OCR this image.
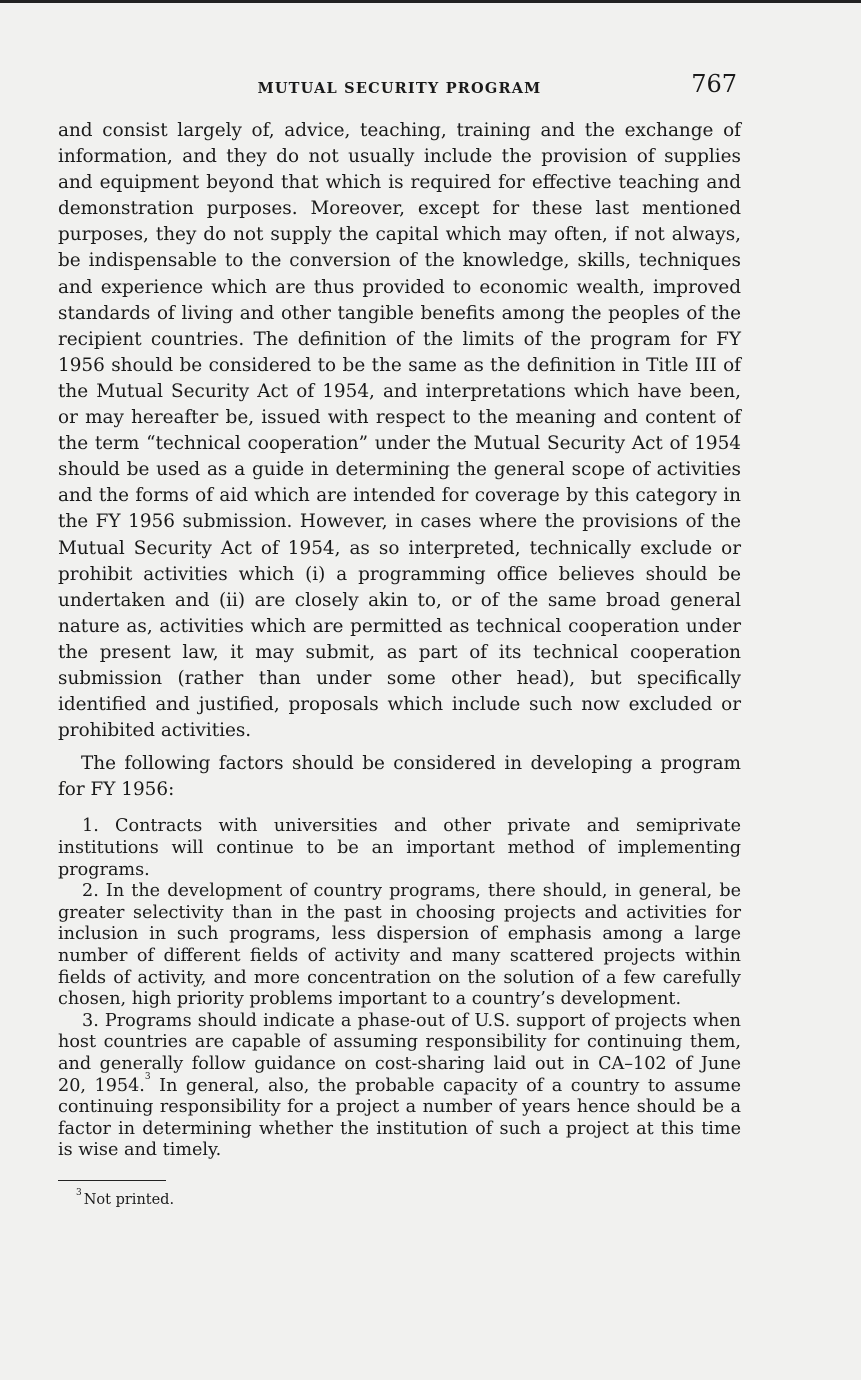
MUTUAL SECURITY PROGRAM	767

and consist largely of, advice, teaching, training and the exchange of information, and they do not usually include the provision of supplies and equipment beyond that which is required for effective teaching and demonstration purposes. Moreover, except for these last mentioned purposes, they do not supply the capital which may often, if not always, be indispensable to the conversion of the knowledge, skills, techniques and experience which are thus provided to economic wealth, improved standards of living and other tangible benefits among the peoples of the recipient countries. The definition of the limits of the program for FY 1956 should be considered to be the same as the definition in Title III of the Mutual Security Act of 1954, and interpretations which have been, or may hereafter be, issued with respect to the meaning and content of the term “technical cooperation” under the Mutual Security Act of 1954 should be used as a guide in determining the general scope of activities and the forms of aid which are intended for coverage by this category in the FY 1956 submission. However, in cases where the provisions of the Mutual Security Act of 1954, as so interpreted, technically exclude or prohibit activities which (i) a programming office believes should be undertaken and (ii) are closely akin to, or of the same broad general nature as, activities which are permitted as technical cooperation under the present law, it may submit, as part of its technical cooperation submission (rather than under some other head), but specifically identified and justified, proposals which include such now excluded or prohibited activities.

The following factors should be considered in developing a program for FY 1956:

1. Contracts with universities and other private and semiprivate institutions will continue to be an important method of implementing programs.

2. In the development of country programs, there should, in general, be greater selectivity than in the past in choosing projects and activities for inclusion in such programs, less dispersion of emphasis among a large number of different fields of activity and many scattered projects within fields of activity, and more concentration on the solution of a few carefully chosen, high priority problems important to a country’s development.

3. Programs should indicate a phase-out of U.S. support of projects when host countries are capable of assuming responsibility for continuing them, and generally follow guidance on cost-sharing laid out in CA–102 of June 20, 1954.$^3$ In general, also, the probable capacity of a country to assume continuing responsibility for a project a number of years hence should be a factor in determining whether the institution of such a project at this time is wise and timely.

$^3$ Not printed.
